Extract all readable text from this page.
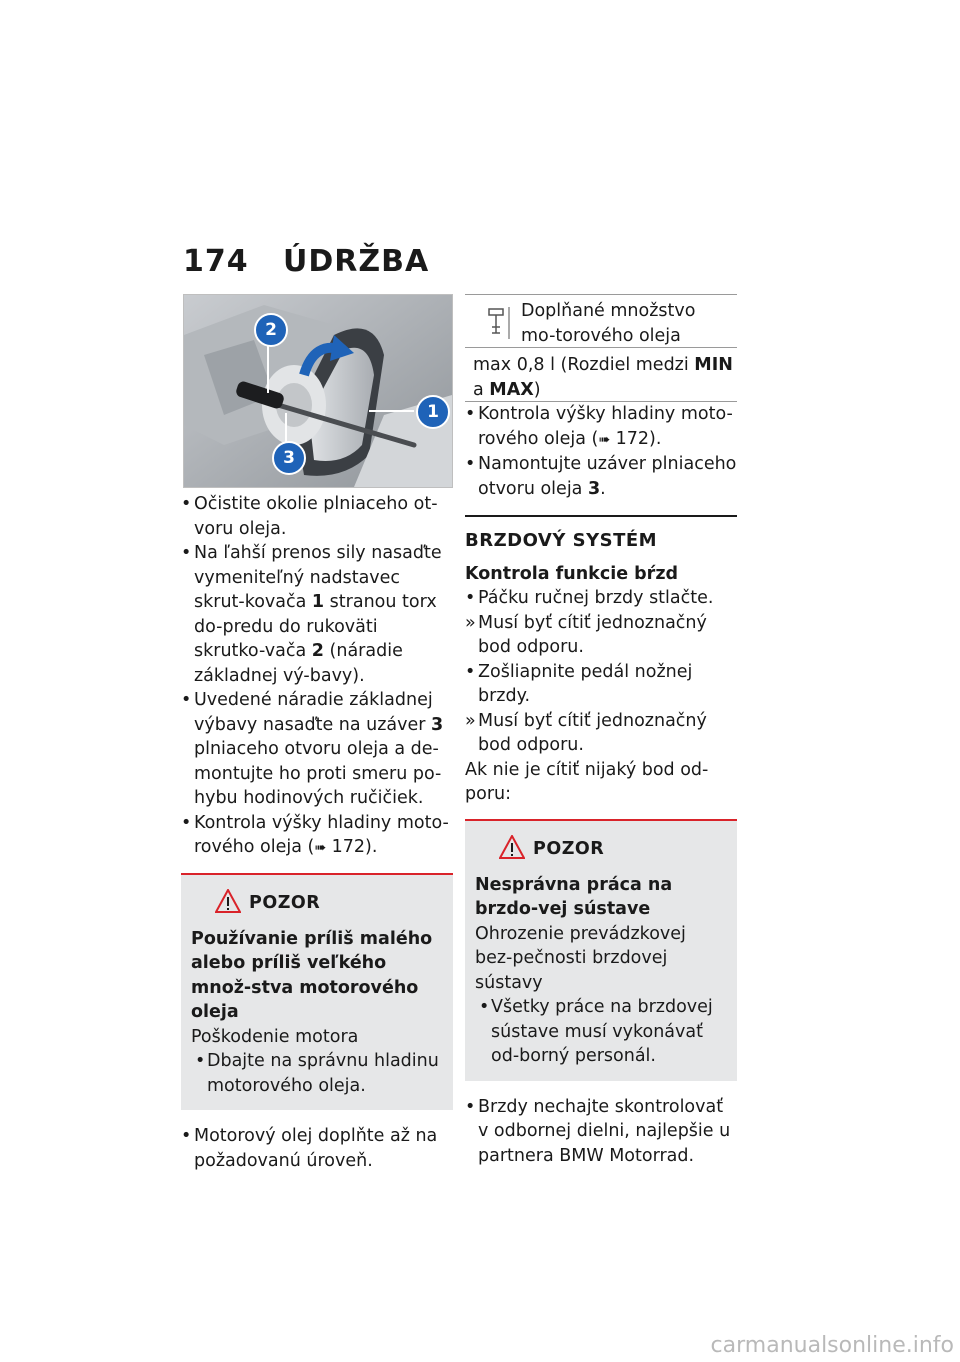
174 ÚDRŽBA
1
2
3
• Očistite okolie plniaceho ot-voru oleja.
• Na ľahší prenos sily nasaďte vymeniteľný nadstavec skrut-kovača 1 stranou torx do-predu do rukoväti skrutko-vača 2 (náradie základnej vý-bavy).
• Uvedené náradie základnej výbavy nasaďte na uzáver 3 plniaceho otvoru oleja a de-montujte ho proti smeru po-hybu hodinových ručičiek.
• Kontrola výšky hladiny moto-rového oleja (➠ 172).
POZOR
Používanie príliš malého alebo príliš veľkého množ-stva motorového oleja
Poškodenie motora
• Dbajte na správnu hladinu motorového oleja.
• Motorový olej doplňte až na požadovanú úroveň.
Doplňané množstvo mo-torového oleja
max 0,8 l (Rozdiel medzi MIN a MAX)
• Kontrola výšky hladiny moto-rového oleja (➠ 172).
• Namontujte uzáver plniaceho otvoru oleja 3.
BRZDOVÝ SYSTÉM
Kontrola funkcie bŕzd
• Páčku ručnej brzdy stlačte.
» Musí byť cítiť jednoznačný bod odporu.
• Zošliapnite pedál nožnej brzdy.
» Musí byť cítiť jednoznačný bod odporu.
Ak nie je cítiť nijaký bod od-poru:
POZOR
Nesprávna práca na brzdo-vej sústave
Ohrozenie prevádzkovej bez-pečnosti brzdovej sústavy
• Všetky práce na brzdovej sústave musí vykonávať od-borný personál.
• Brzdy nechajte skontrolovať v odbornej dielni, najlepšie u partnera BMW Motorrad.
carmanualsonline.info
